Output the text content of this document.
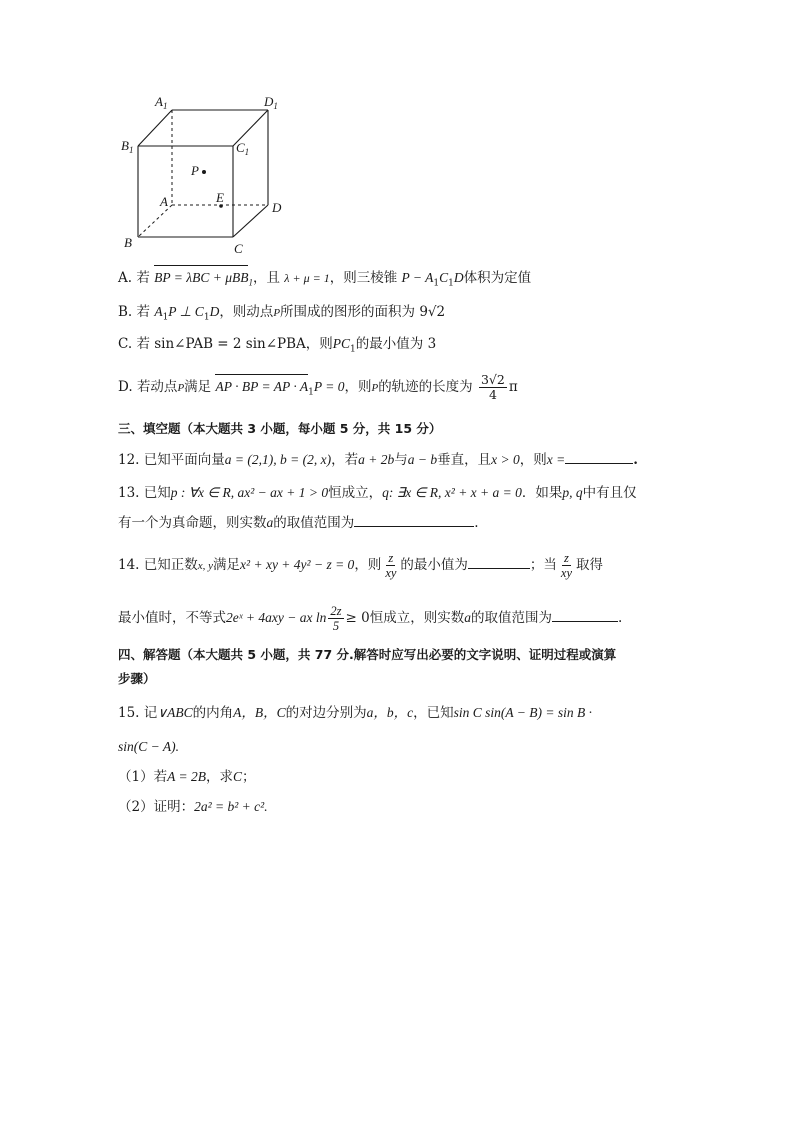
$A_1$	$D_1$
$B_1$	$C_1$
P
A	E
D
B	C
A. 若 BP = λBC + μBB$_1$，且 λ + μ = 1，则三棱锥 $P - A_1C_1D$体积为定值
B. 若 $A_1P$ ⊥ $C_1D$，则动点P所围成的图形的面积为 9√2
C. 若 sin∠PAB = 2 sin∠PBA，则$PC_1$的最小值为 3
D. 若动点P满足 AP · BP = AP · $A_1P = 0$，则P的轨迹的长度为 $\frac{3√2}{4}$ π
三、填空题（本大题共 3 小题，每小题 5 分，共 15 分）
12. 已知平面向量a = (2,1), b = (2, x)，若a + 2b与a − b垂直，且x > 0，则x =	.
13. 已知p : ∀x ∈ R, ax² − ax + 1 > 0恒成立，q: ∃x ∈ R, x² + x + a = 0．如果p, q中有且仅
有一个为真命题，则实数a的取值范围为	.
14. 已知正数x, y满足x² + xy + 4y² − z = 0，则 $\frac{z}{xy}$ 的最小值为	；当 $\frac{z}{xy}$ 取得
最小值时，不等式2eˣ + 4axy − ax $\ln \frac{2z}{5} \ge 0$恒成立，则实数a的取值范围为	.
四、解答题（本大题共 5 小题，共 77 分.解答时应写出必要的文字说明、证明过程或演算
步骤）
15. 记∨ABC的内角A，B，C的对边分别为a，b，c，已知sin C sin(A − B) = sin B ·
sin(C − A).
（1）若A = 2B，求C；
（2）证明：2a² = b² + c².
